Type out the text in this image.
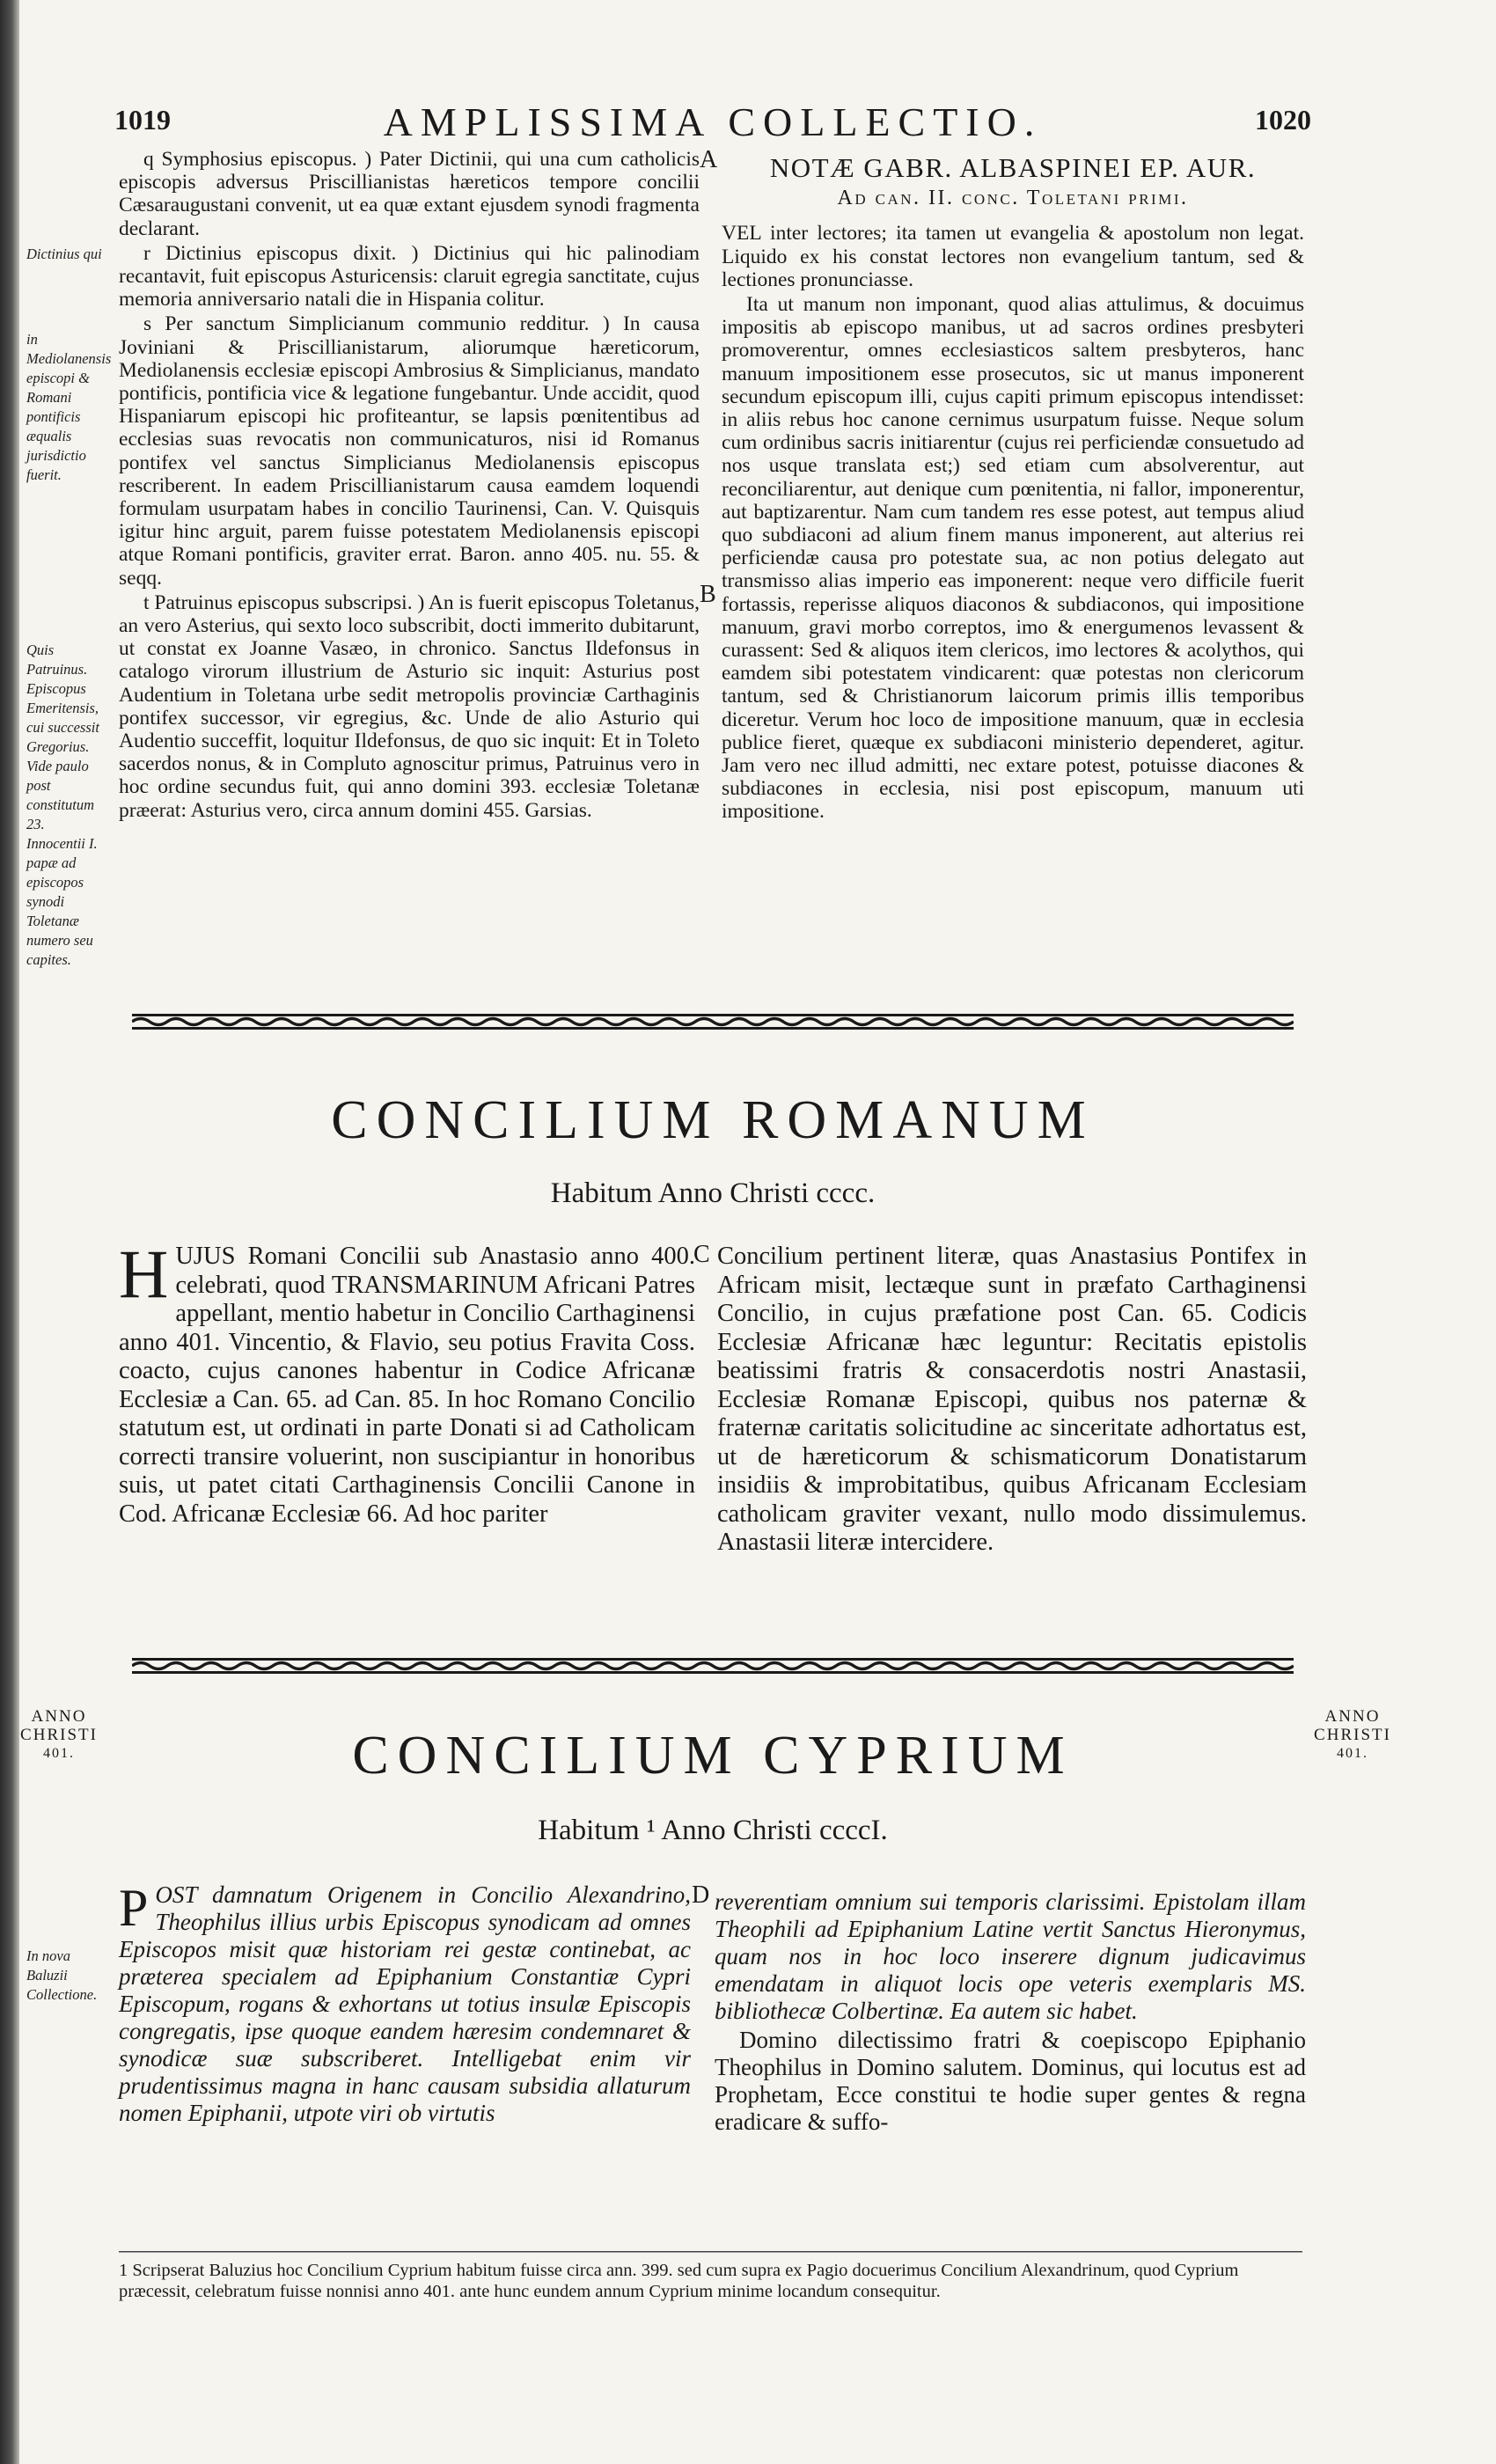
1019	AMPLISSIMA COLLECTIO.	1020
Dictinius qui
in Mediolanensis episcopi & Romani pontificis æqualis jurisdictio fuerit.
Quis Patruinus. Episcopus Emeritensis, cui successit Gregorius. Vide paulo post constitutum 23. Innocentii I. papæ ad episcopos synodi Toletanæ numero seu capites.

q Symphosius episcopus. ) Pater Dictinii, qui una cum catholicis episcopis adversus Priscillianistas hæreticos tempore concilii Cæsaraugustani convenit, ut ea quæ extant ejusdem synodi fragmenta declarant.

r Dictinius episcopus dixit. ) Dictinius qui hic palinodiam recantavit, fuit episcopus Asturicensis: claruit egregia sanctitate, cujus memoria anniversario natali die in Hispania colitur.

s Per sanctum Simplicianum communio redditur. ) In causa Joviniani & Priscillianistarum, aliorumque hæreticorum, Mediolanensis ecclesiæ episcopi Ambrosius & Simplicianus, mandato pontificis, pontificia vice & legatione fungebantur. Unde accidit, quod Hispaniarum episcopi hic profiteantur, se lapsis pœnitentibus ad ecclesias suas revocatis non communicaturos, nisi id Romanus pontifex vel sanctus Simplicianus Mediolanensis episcopus rescriberent. In eadem Priscillianistarum causa eamdem loquendi formulam usurpatam habes in concilio Taurinensi, Can. V. Quisquis igitur hinc arguit, parem fuisse potestatem Mediolanensis episcopi atque Romani pontificis, graviter errat. Baron. anno 405. nu. 55. & seqq.

t Patruinus episcopus subscripsi. ) An is fuerit episcopus Toletanus, an vero Asterius, qui sexto loco subscribit, docti immerito dubitarunt, ut constat ex Joanne Vasæo, in chronico. Sanctus Ildefonsus in catalogo virorum illustrium de Asturio sic inquit: Asturius post Audentium in Toletana urbe sedit metropolis provinciæ Carthaginis pontifex successor, vir egregius, &c. Unde de alio Asturio qui Audentio succeffit, loquitur Ildefonsus, de quo sic inquit: Et in Toleto sacerdos nonus, & in Compluto agnoscitur primus, Patruinus vero in hoc ordine secundus fuit, qui anno domini 393. ecclesiæ Toletanæ præerat: Asturius vero, circa annum domini 455. Garsias.

A
B
NOTÆ GABR. ALBASPINEI EP. AUR.
Ad can. II. conc. Toletani primi.

VEL inter lectores; ita tamen ut evangelia & apostolum non legat. Liquido ex his constat lectores non evangelium tantum, sed & lectiones pronunciasse.

Ita ut manum non imponant, quod alias attulimus, & docuimus impositis ab episcopo manibus, ut ad sacros ordines presbyteri promoverentur, omnes ecclesiasticos saltem presbyteros, hanc manuum impositionem esse prosecutos, sic ut manus imponerent secundum episcopum illi, cujus capiti primum episcopus intendisset: in aliis rebus hoc canone cernimus usurpatum fuisse. Neque solum cum ordinibus sacris initiarentur (cujus rei perficiendæ consuetudo ad nos usque translata est;) sed etiam cum absolverentur, aut reconciliarentur, aut denique cum pœnitentia, ni fallor, imponerentur, aut baptizarentur. Nam cum tandem res esse potest, aut tempus aliud quo subdiaconi ad alium finem manus imponerent, aut alterius rei perficiendæ causa pro potestate sua, ac non potius delegato aut transmisso alias imperio eas imponerent: neque vero difficile fuerit fortassis, reperisse aliquos diaconos & subdiaconos, qui impositione manuum, gravi morbo correptos, imo & energumenos levassent & curassent: Sed & aliquos item clericos, imo lectores & acolythos, qui eamdem sibi potestatem vindicarent: quæ potestas non clericorum tantum, sed & Christianorum laicorum primis illis temporibus diceretur. Verum hoc loco de impositione manuum, quæ in ecclesia publice fieret, quæque ex subdiaconi ministerio dependeret, agitur. Jam vero nec illud admitti, nec extare potest, potuisse diacones & subdiacones in ecclesia, nisi post episcopum, manuum uti impositione.

CONCILIUM ROMANUM
Habitum Anno Christi cccc.

HUJUS Romani Concilii sub Anastasio anno 400. celebrati, quod TRANSMARINUM Africani Patres appellant, mentio habetur in Concilio Carthaginensi anno 401. Vincentio, & Flavio, seu potius Fravita Coss. coacto, cujus canones habentur in Codice Africanæ Ecclesiæ a Can. 65. ad Can. 85. In hoc Romano Concilio statutum est, ut ordinati in parte Donati si ad Catholicam correcti transire voluerint, non suscipiantur in honoribus suis, ut patet citati Carthaginensis Concilii Canone in Cod. Africanæ Ecclesiæ 66. Ad hoc pariter

C Concilium pertinent literæ, quas Anastasius Pontifex in Africam misit, lectæque sunt in præfato Carthaginensi Concilio, in cujus præfatione post Can. 65. Codicis Ecclesiæ Africanæ hæc leguntur: Recitatis epistolis beatissimi fratris & consacerdotis nostri Anastasii, Ecclesiæ Romanæ Episcopi, quibus nos paternæ & fraternæ caritatis solicitudine ac sinceritate adhortatus est, ut de hæreticorum & schismaticorum Donatistarum insidiis & improbitatibus, quibus Africanam Ecclesiam catholicam graviter vexant, nullo modo dissimulemus. Anastasii literæ intercidere.

ANNO
CHRISTI
401.
ANNO
CHRISTI
401.
CONCILIUM CYPRIUM
Habitum ¹ Anno Christi ccccI.
In nova Baluzii Collectione.

POST damnatum Origenem in Concilio Alexandrino, Theophilus illius urbis Episcopus synodicam ad omnes Episcopos misit quæ historiam rei gestæ continebat, ac præterea specialem ad Epiphanium Constantiæ Cypri Episcopum, rogans & exhortans ut totius insulæ Episcopis congregatis, ipse quoque eandem hæresim condemnaret & synodicæ suæ subscriberet. Intelligebat enim vir prudentissimus magna in hanc causam subsidia allaturum nomen Epiphanii, utpote viri ob virtutis

D reverentiam omnium sui temporis clarissimi. Epistolam illam Theophili ad Epiphanium Latine vertit Sanctus Hieronymus, quam nos in hoc loco inserere dignum judicavimus emendatam in aliquot locis ope veteris exemplaris MS. bibliothecæ Colbertinæ. Ea autem sic habet.

Domino dilectissimo fratri & coepiscopo Epiphanio Theophilus in Domino salutem. Dominus, qui locutus est ad Prophetam, Ecce constitui te hodie super gentes & regna eradicare & suffo-

1 Scripserat Baluzius hoc Concilium Cyprium habitum fuisse circa ann. 399. sed cum supra ex Pagio docuerimus Concilium Alexandrinum, quod Cyprium præcessit, celebratum fuisse nonnisi anno 401. ante hunc eundem annum Cyprium minime locandum consequitur.
